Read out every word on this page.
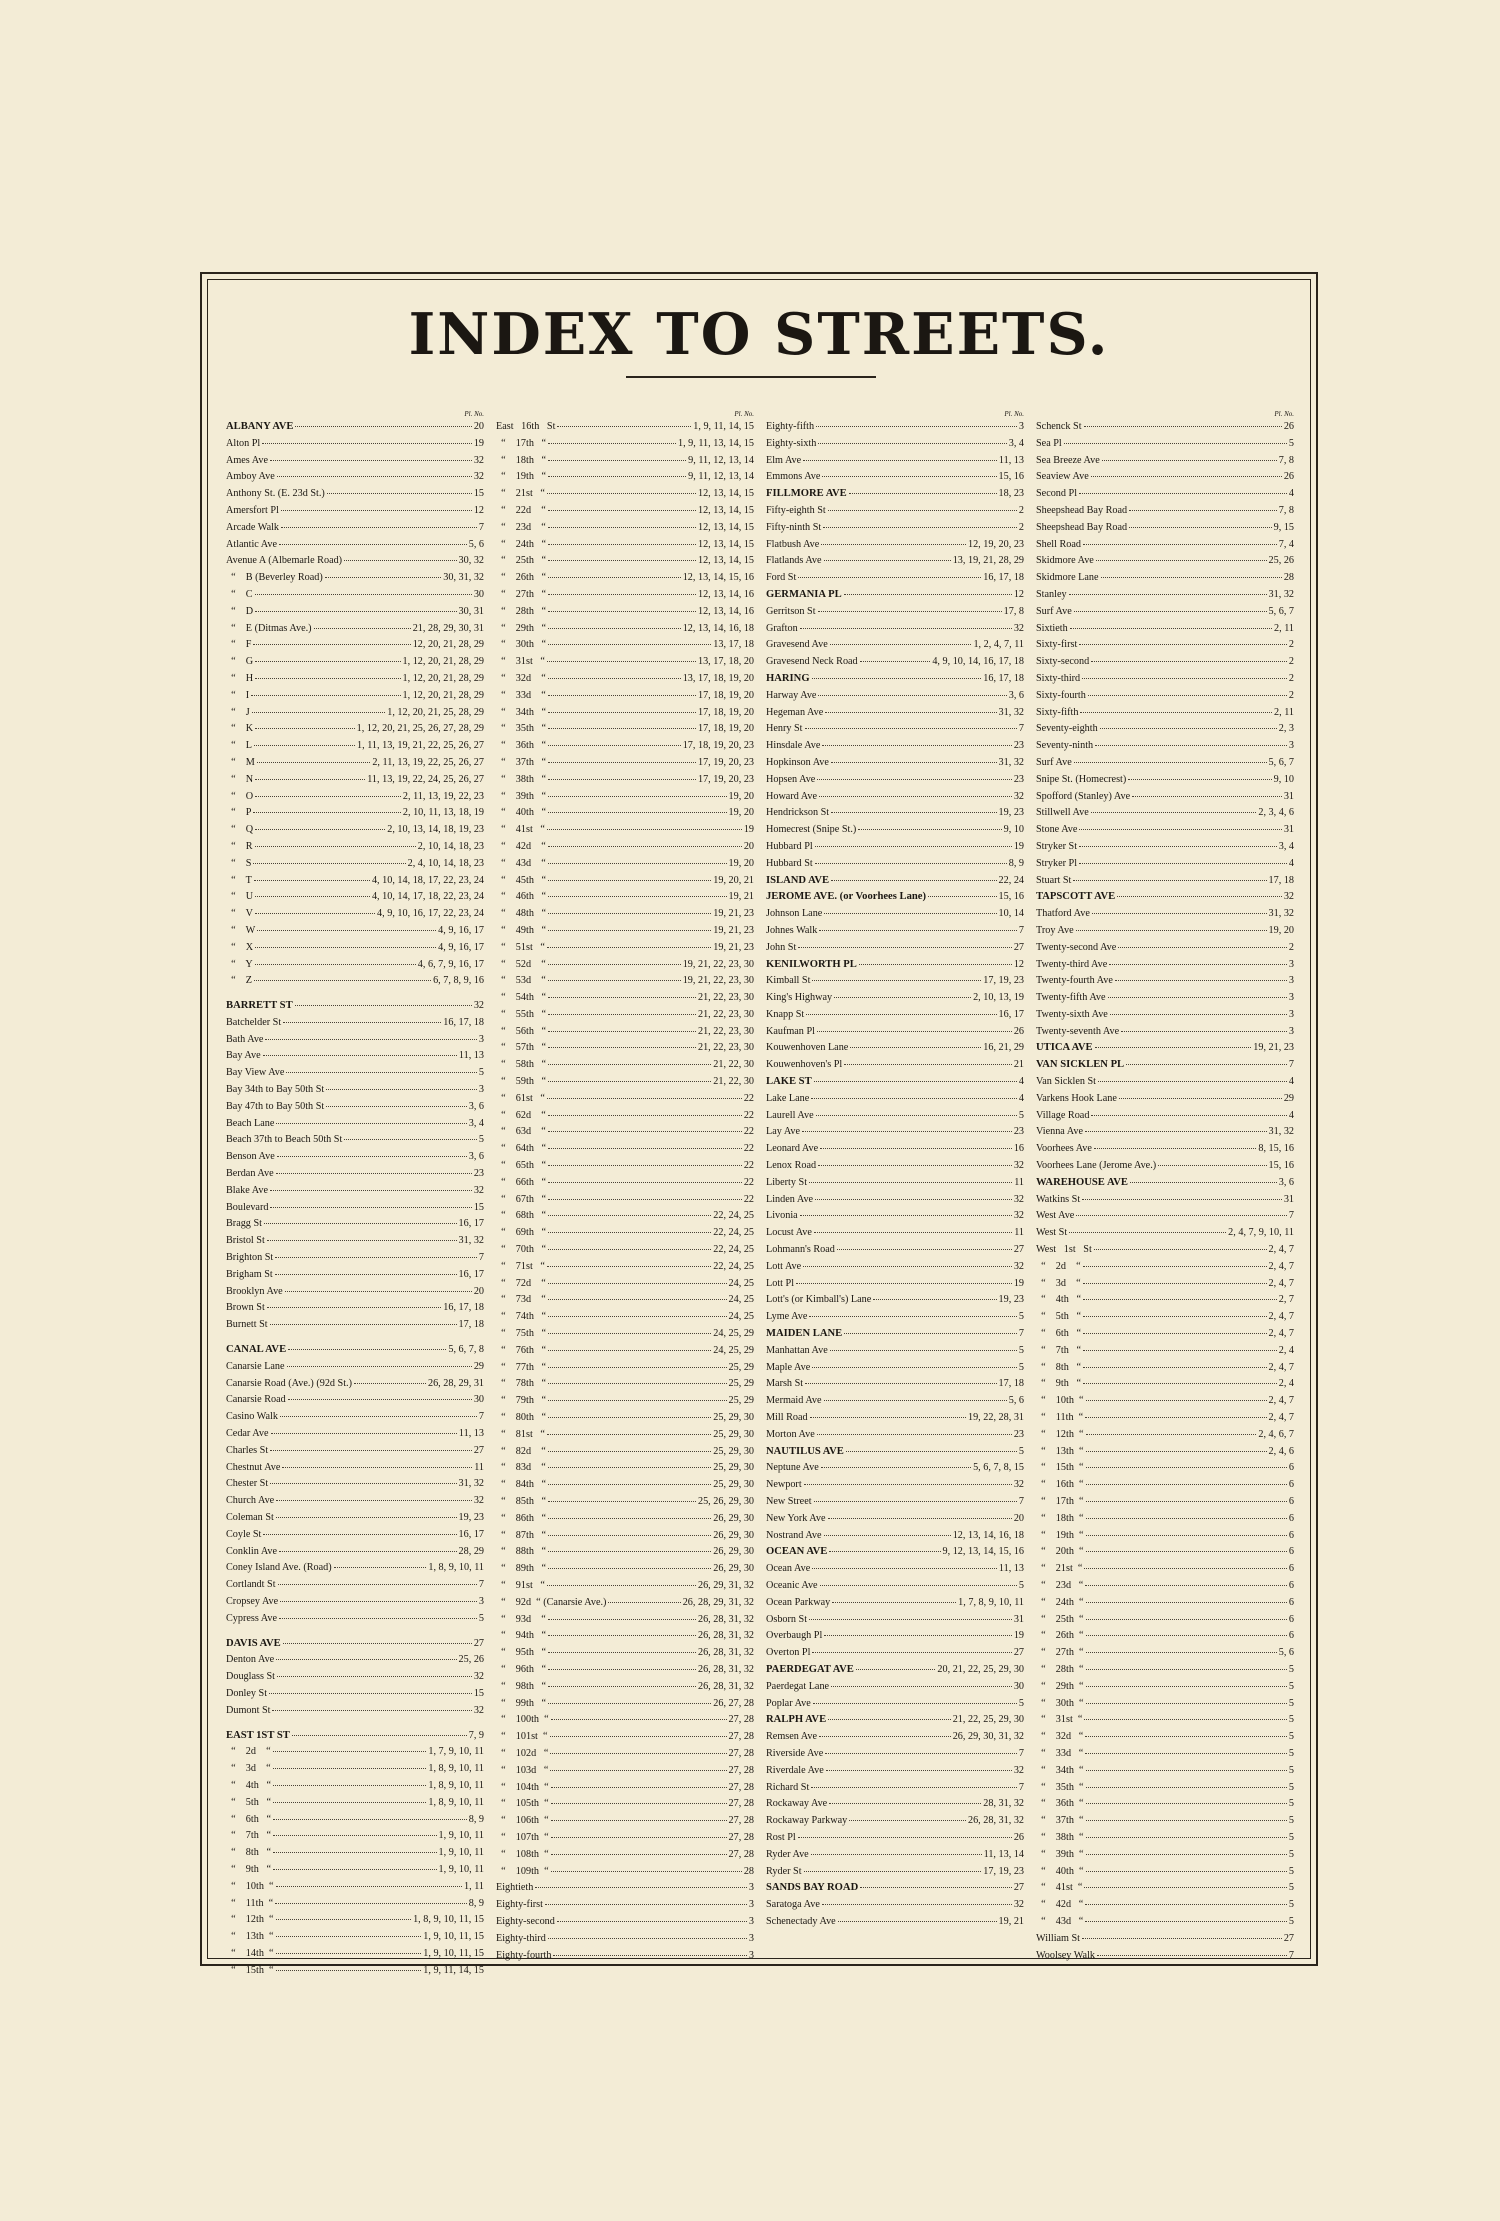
INDEX TO STREETS.
Pl. No.
ALBANY AVE	20
Alton Pl	19
Ames Ave	32
Amboy Ave	32
Anthony St. (E. 23d St.)	15
Amersfort Pl	12
Arcade Walk	7
Atlantic Ave	5, 6
Avenue A (Albemarle Road)	30, 32
“    B (Beverley Road)	30, 31, 32
“    C	30
“    D	30, 31
“    E (Ditmas Ave.)	21, 28, 29, 30, 31
“    F	12, 20, 21, 28, 29
“    G	1, 12, 20, 21, 28, 29
“    H	1, 12, 20, 21, 28, 29
“    I	1, 12, 20, 21, 28, 29
“    J	1, 12, 20, 21, 25, 28, 29
“    K	1, 12, 20, 21, 25, 26, 27, 28, 29
“    L	1, 11, 13, 19, 21, 22, 25, 26, 27
“    M	2, 11, 13, 19, 22, 25, 26, 27
“    N	11, 13, 19, 22, 24, 25, 26, 27
“    O	2, 11, 13, 19, 22, 23
“    P	2, 10, 11, 13, 18, 19
“    Q	2, 10, 13, 14, 18, 19, 23
“    R	2, 10, 14, 18, 23
“    S	2, 4, 10, 14, 18, 23
“    T	4, 10, 14, 18, 17, 22, 23, 24
“    U	4, 10, 14, 17, 18, 22, 23, 24
“    V	4, 9, 10, 16, 17, 22, 23, 24
“    W	4, 9, 16, 17
“    X	4, 9, 16, 17
“    Y	4, 6, 7, 9, 16, 17
“    Z	6, 7, 8, 9, 16
BARRETT ST	32
Batchelder St	16, 17, 18
Bath Ave	3
Bay Ave	11, 13
Bay View Ave	5
Bay 34th to Bay 50th St	3
Bay 47th to Bay 50th St	3, 6
Beach Lane	3, 4
Beach 37th to Beach 50th St	5
Benson Ave	3, 6
Berdan Ave	23
Blake Ave	32
Boulevard	15
Bragg St	16, 17
Bristol St	31, 32
Brighton St	7
Brigham St	16, 17
Brooklyn Ave	20
Brown St	16, 17, 18
Burnett St	17, 18
CANAL AVE	5, 6, 7, 8
Canarsie Lane	29
Canarsie Road (Ave.) (92d St.)	26, 28, 29, 31
Canarsie Road	30
Casino Walk	7
Cedar Ave	11, 13
Charles St	27
Chestnut Ave	11
Chester St	31, 32
Church Ave	32
Coleman St	19, 23
Coyle St	16, 17
Conklin Ave	28, 29
Coney Island Ave. (Road)	1, 8, 9, 10, 11
Cortlandt St	7
Cropsey Ave	3
Cypress Ave	5
DAVIS AVE	27
Denton Ave	25, 26
Douglass St	32
Donley St	15
Dumont St	32
EAST 1ST ST	7, 9
“    2d    “	1, 7, 9, 10, 11
“    3d    “	1, 8, 9, 10, 11
“    4th   “	1, 8, 9, 10, 11
“    5th   “	1, 8, 9, 10, 11
“    6th   “	8, 9
“    7th   “	1, 9, 10, 11
“    8th   “	1, 9, 10, 11
“    9th   “	1, 9, 10, 11
“    10th  “	1, 11
“    11th  “	8, 9
“    12th  “	1, 8, 9, 10, 11, 15
“    13th  “	1, 9, 10, 11, 15
“    14th  “	1, 9, 10, 11, 15
“    15th  “	1, 9, 11, 14, 15
Pl. No.
East   16th   St	1, 9, 11, 14, 15
“    17th   “	1, 9, 11, 13, 14, 15
“    18th   “	9, 11, 12, 13, 14
“    19th   “	9, 11, 12, 13, 14
“    21st   “	12, 13, 14, 15
“    22d    “	12, 13, 14, 15
“    23d    “	12, 13, 14, 15
“    24th   “	12, 13, 14, 15
“    25th   “	12, 13, 14, 15
“    26th   “	12, 13, 14, 15, 16
“    27th   “	12, 13, 14, 16
“    28th   “	12, 13, 14, 16
“    29th   “	12, 13, 14, 16, 18
“    30th   “	13, 17, 18
“    31st   “	13, 17, 18, 20
“    32d    “	13, 17, 18, 19, 20
“    33d    “	17, 18, 19, 20
“    34th   “	17, 18, 19, 20
“    35th   “	17, 18, 19, 20
“    36th   “	17, 18, 19, 20, 23
“    37th   “	17, 19, 20, 23
“    38th   “	17, 19, 20, 23
“    39th   “	19, 20
“    40th   “	19, 20
“    41st   “	19
“    42d    “	20
“    43d    “	19, 20
“    45th   “	19, 20, 21
“    46th   “	19, 21
“    48th   “	19, 21, 23
“    49th   “	19, 21, 23
“    51st   “	19, 21, 23
“    52d    “	19, 21, 22, 23, 30
“    53d    “	19, 21, 22, 23, 30
“    54th   “	21, 22, 23, 30
“    55th   “	21, 22, 23, 30
“    56th   “	21, 22, 23, 30
“    57th   “	21, 22, 23, 30
“    58th   “	21, 22, 30
“    59th   “	21, 22, 30
“    61st   “	22
“    62d    “	22
“    63d    “	22
“    64th   “	22
“    65th   “	22
“    66th   “	22
“    67th   “	22
“    68th   “	22, 24, 25
“    69th   “	22, 24, 25
“    70th   “	22, 24, 25
“    71st   “	22, 24, 25
“    72d    “	24, 25
“    73d    “	24, 25
“    74th   “	24, 25
“    75th   “	24, 25, 29
“    76th   “	24, 25, 29
“    77th   “	25, 29
“    78th   “	25, 29
“    79th   “	25, 29
“    80th   “	25, 29, 30
“    81st   “	25, 29, 30
“    82d    “	25, 29, 30
“    83d    “	25, 29, 30
“    84th   “	25, 29, 30
“    85th   “	25, 26, 29, 30
“    86th   “	26, 29, 30
“    87th   “	26, 29, 30
“    88th   “	26, 29, 30
“    89th   “	26, 29, 30
“    91st   “	26, 29, 31, 32
“    92d  “ (Canarsie Ave.)	26, 28, 29, 31, 32
“    93d    “	26, 28, 31, 32
“    94th   “	26, 28, 31, 32
“    95th   “	26, 28, 31, 32
“    96th   “	26, 28, 31, 32
“    98th   “	26, 28, 31, 32
“    99th   “	26, 27, 28
“    100th  “	27, 28
“    101st  “	27, 28
“    102d   “	27, 28
“    103d   “	27, 28
“    104th  “	27, 28
“    105th  “	27, 28
“    106th  “	27, 28
“    107th  “	27, 28
“    108th  “	27, 28
“    109th  “	28
Eightieth	3
Eighty-first	3
Eighty-second	3
Eighty-third	3
Eighty-fourth	3
Pl. No.
Eighty-fifth	3
Eighty-sixth	3, 4
Elm Ave	11, 13
Emmons Ave	15, 16
FILLMORE AVE	18, 23
Fifty-eighth St	2
Fifty-ninth St	2
Flatbush Ave	12, 19, 20, 23
Flatlands Ave	13, 19, 21, 28, 29
Ford St	16, 17, 18
GERMANIA PL	12
Gerritson St	17, 8
Grafton	32
Gravesend Ave	1, 2, 4, 7, 11
Gravesend Neck Road	4, 9, 10, 14, 16, 17, 18
HARING	16, 17, 18
Harway Ave	3, 6
Hegeman Ave	31, 32
Henry St	7
Hinsdale Ave	23
Hopkinson Ave	31, 32
Hopsen Ave	23
Howard Ave	32
Hendrickson St	19, 23
Homecrest (Snipe St.)	9, 10
Hubbard Pl	19
Hubbard St	8, 9
ISLAND AVE	22, 24
JEROME AVE. (or Voorhees Lane)	15, 16
Johnson Lane	10, 14
Johnes Walk	7
John St	27
KENILWORTH PL	12
Kimball St	17, 19, 23
King's Highway	2, 10, 13, 19
Knapp St	16, 17
Kaufman Pl	26
Kouwenhoven Lane	16, 21, 29
Kouwenhoven's Pl	21
LAKE ST	4
Lake Lane	4
Laurell Ave	5
Lay Ave	23
Leonard Ave	16
Lenox Road	32
Liberty St	11
Linden Ave	32
Livonia	32
Locust Ave	11
Lohmann's Road	27
Lott Ave	32
Lott Pl	19
Lott's (or Kimball's) Lane	19, 23
Lyme Ave	5
MAIDEN LANE	7
Manhattan Ave	5
Maple Ave	5
Marsh St	17, 18
Mermaid Ave	5, 6
Mill Road	19, 22, 28, 31
Morton Ave	23
NAUTILUS AVE	5
Neptune Ave	5, 6, 7, 8, 15
Newport	32
New Street	7
New York Ave	20
Nostrand Ave	12, 13, 14, 16, 18
OCEAN AVE	9, 12, 13, 14, 15, 16
Ocean Ave	11, 13
Oceanic Ave	5
Ocean Parkway	1, 7, 8, 9, 10, 11
Osborn St	31
Overbaugh Pl	19
Overton Pl	27
PAERDEGAT AVE	20, 21, 22, 25, 29, 30
Paerdegat Lane	30
Poplar Ave	5
RALPH AVE	21, 22, 25, 29, 30
Remsen Ave	26, 29, 30, 31, 32
Riverside Ave	7
Riverdale Ave	32
Richard St	7
Rockaway Ave	28, 31, 32
Rockaway Parkway	26, 28, 31, 32
Rost Pl	26
Ryder Ave	11, 13, 14
Ryder St	17, 19, 23
SANDS BAY ROAD	27
Saratoga Ave	32
Schenectady Ave	19, 21
Pl. No.
Schenck St	26
Sea Pl	5
Sea Breeze Ave	7, 8
Seaview Ave	26
Second Pl	4
Sheepshead Bay Road	7, 8
Sheepshead Bay Road	9, 15
Shell Road	7, 4
Skidmore Ave	25, 26
Skidmore Lane	28
Stanley	31, 32
Surf Ave	5, 6, 7
Sixtieth	2, 11
Sixty-first	2
Sixty-second	2
Sixty-third	2
Sixty-fourth	2
Sixty-fifth	2, 11
Seventy-eighth	2, 3
Seventy-ninth	3
Surf Ave	5, 6, 7
Snipe St. (Homecrest)	9, 10
Spofford (Stanley) Ave	31
Stillwell Ave	2, 3, 4, 6
Stone Ave	31
Stryker St	3, 4
Stryker Pl	4
Stuart St	17, 18
TAPSCOTT AVE	32
Thatford Ave	31, 32
Troy Ave	19, 20
Twenty-second Ave	2
Twenty-third Ave	3
Twenty-fourth Ave	3
Twenty-fifth Ave	3
Twenty-sixth Ave	3
Twenty-seventh Ave	3
UTICA AVE	19, 21, 23
VAN SICKLEN PL	7
Van Sicklen St	4
Varkens Hook Lane	29
Village Road	4
Vienna Ave	31, 32
Voorhees Ave	8, 15, 16
Voorhees Lane (Jerome Ave.)	15, 16
WAREHOUSE AVE	3, 6
Watkins St	31
West Ave	7
West St	2, 4, 7, 9, 10, 11
West   1st   St	2, 4, 7
“    2d    “	2, 4, 7
“    3d    “	2, 4, 7
“    4th   “	2, 7
“    5th   “	2, 4, 7
“    6th   “	2, 4, 7
“    7th   “	2, 4
“    8th   “	2, 4, 7
“    9th   “	2, 4
“    10th  “	2, 4, 7
“    11th  “	2, 4, 7
“    12th  “	2, 4, 6, 7
“    13th  “	2, 4, 6
“    15th  “	6
“    16th  “	6
“    17th  “	6
“    18th  “	6
“    19th  “	6
“    20th  “	6
“    21st  “	6
“    23d   “	6
“    24th  “	6
“    25th  “	6
“    26th  “	6
“    27th  “	5, 6
“    28th  “	5
“    29th  “	5
“    30th  “	5
“    31st  “	5
“    32d   “	5
“    33d   “	5
“    34th  “	5
“    35th  “	5
“    36th  “	5
“    37th  “	5
“    38th  “	5
“    39th  “	5
“    40th  “	5
“    41st  “	5
“    42d   “	5
“    43d   “	5
William St	27
Woolsey Walk	7
